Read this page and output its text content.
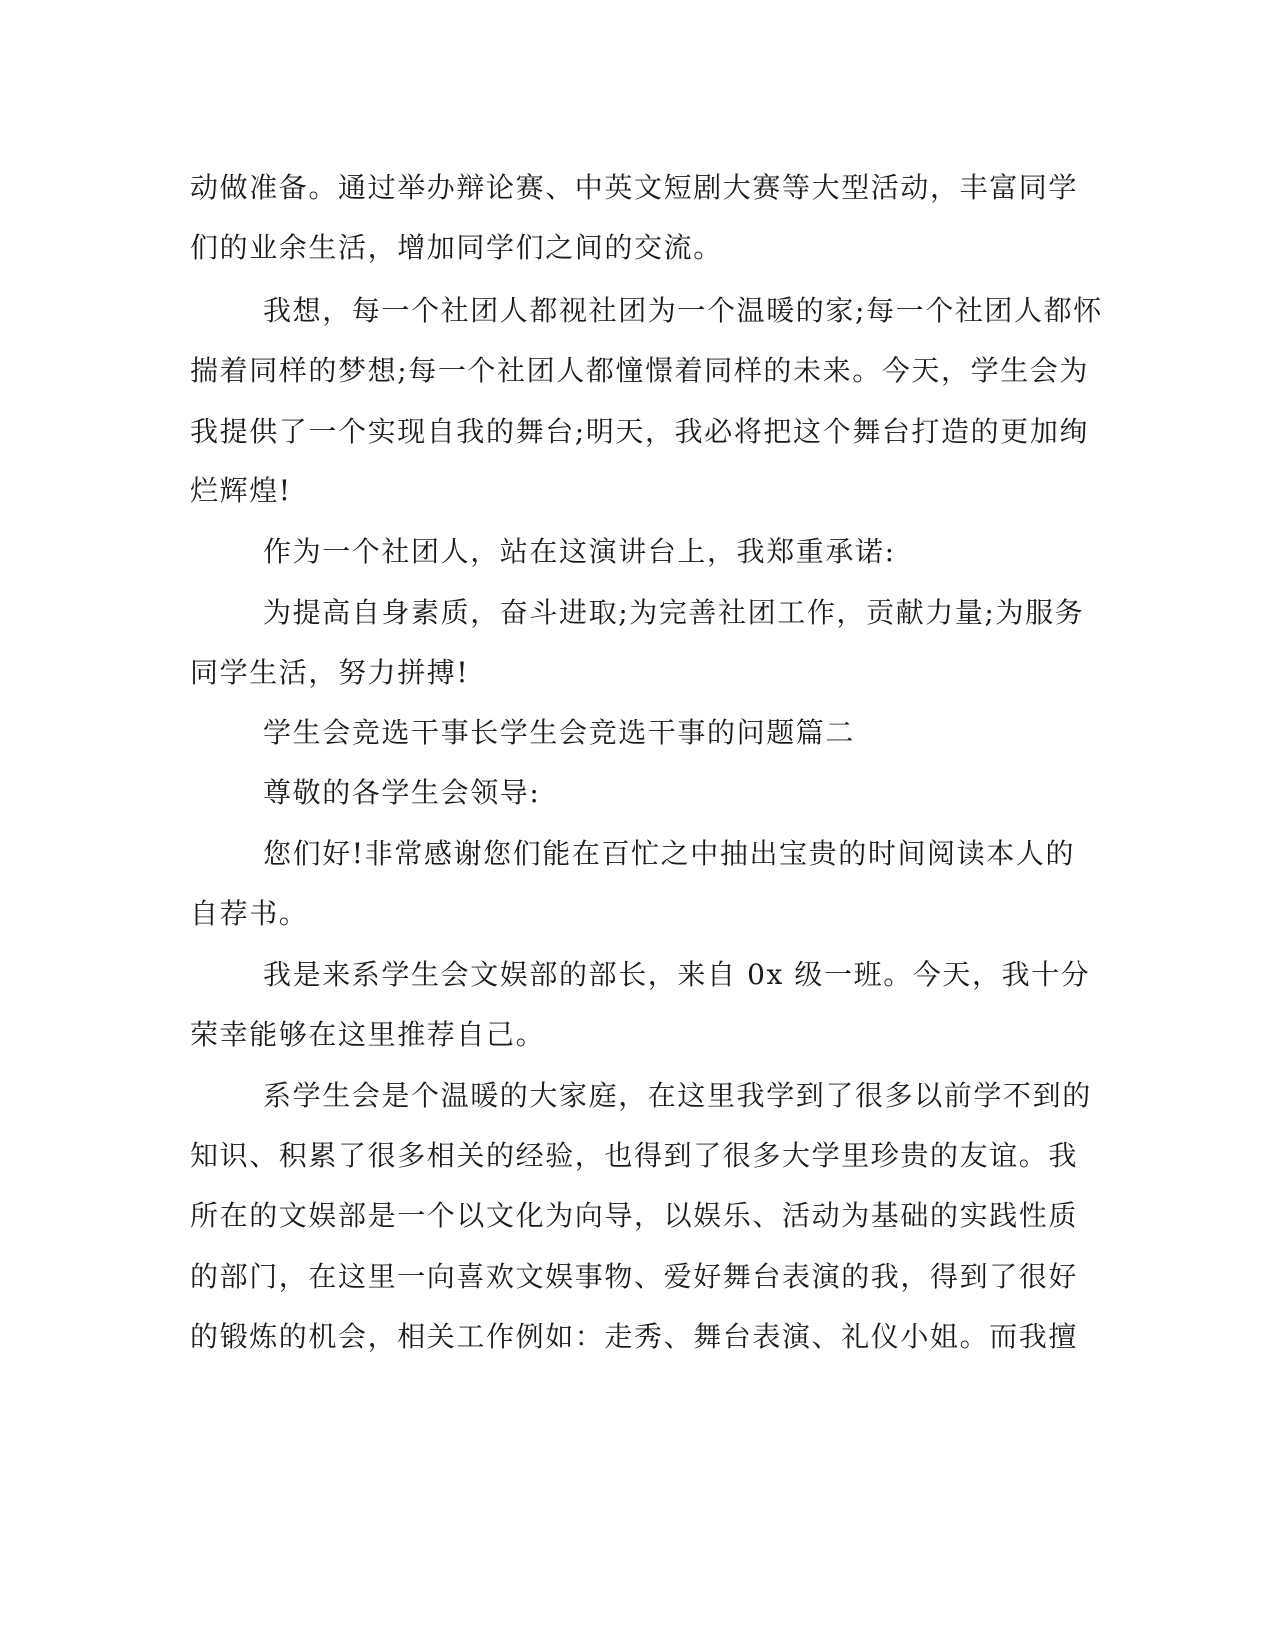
动做准备。通过举办辩论赛、中英文短剧大赛等大型活动，丰富同学
们的业余生活，增加同学们之间的交流。
我想，每一个社团人都视社团为一个温暖的家;每一个社团人都怀
揣着同样的梦想;每一个社团人都憧憬着同样的未来。今天，学生会为
我提供了一个实现自我的舞台;明天，我必将把这个舞台打造的更加绚
烂辉煌!
作为一个社团人，站在这演讲台上，我郑重承诺:
为提高自身素质，奋斗进取;为完善社团工作，贡献力量;为服务
同学生活，努力拼搏!
学生会竞选干事长学生会竞选干事的问题篇二
尊敬的各学生会领导:
您们好!非常感谢您们能在百忙之中抽出宝贵的时间阅读本人的
自荐书。
我是来系学生会文娱部的部长，来自 0x 级一班。今天，我十分
荣幸能够在这里推荐自己。
系学生会是个温暖的大家庭，在这里我学到了很多以前学不到的
知识、积累了很多相关的经验，也得到了很多大学里珍贵的友谊。我
所在的文娱部是一个以文化为向导，以娱乐、活动为基础的实践性质
的部门，在这里一向喜欢文娱事物、爱好舞台表演的我，得到了很好
的锻炼的机会，相关工作例如：走秀、舞台表演、礼仪小姐。而我擅
